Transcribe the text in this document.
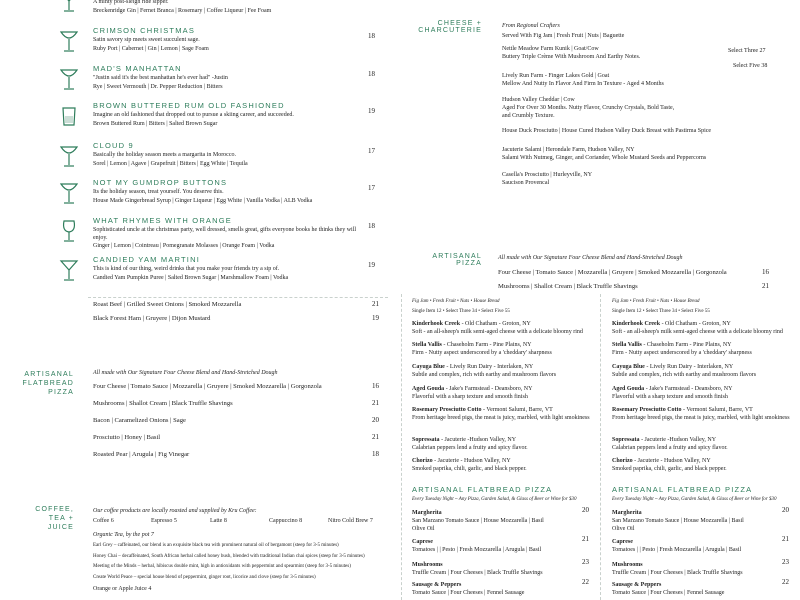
A minty post-sleigh ride sipper.
Breckenridge Gin | Fernet Branca | Rosemary | Coffee Liqueur | Fee Foam
CRIMSON CHRISTMAS
Satin savory sip meets sweet succulent sage.
Ruby Port | Cabernet | Gin | Lemon | Sage Foam
18
MAD'S MANHATTAN
"Justin said it's the best manhattan he's ever had" -Justin
Rye | Sweet Vermouth | Dr. Pepper Reduction | Bitters
18
BROWN BUTTERED RUM OLD FASHIONED
Imagine an old fashioned that dropped out to pursue a skiing career, and succeeded.
Brown Buttered Rum | Bitters | Salted Brown Sugar
19
CLOUD 9
Basically the holiday season meets a margarita in Morocco.
Sorel | Lemon | Agave | Grapefruit | Bitters | Egg White | Tequila
17
NOT MY GUMDROP BUTTONS
Its the holiday season, treat yourself. You deserve this.
House Made Gingerbread Syrup | Ginger Liqueur | Egg White | Vanilla Vodka | ALB Vodka
17
WHAT RHYMES WITH ORANGE
Sophisticated uncle at the christmas party, well dressed, smells great, gifts everyone books he thinks they will enjoy.
Ginger | Lemon | Cointreau | Pomegranate Molasses | Orange Foam | Vodka
18
CANDIED YAM MARTINI
This is kind of our thing, weird drinks that you make your friends try a sip of.
Candied Yam Pumpkin Puree | Salted Brown Sugar | Marshmallow Foam | Vodka
19
CHEESE +
CHARCUTERIE
From Regional Crafters
Served With Fig Jam | Fresh Fruit | Nuts | Baguette
Nettle Meadow Farm Kunik | Goat/Cow
Buttery Triple Crème With Mushroom And Earthy Notes.
Lively Run Farm - Finger Lakes Gold | Goat
Mellow And Nutty In Flavor And Firm In Texture - Aged 4 Months
Hudson Valley Cheddar | Cow
Aged For Over 30 Months. Nutty Flavor, Crunchy Crystals, Bold Taste,
and Crumbly Texture.
House Duck Prosciutto | House Cured Hudson Valley Duck Breast with Pastirma Spice
Jacuterie Salami | Herondale Farm, Hudson Valley, NY
Salami With Nutmeg, Ginger, and Coriander, Whole Mustard Seeds and Peppercorns
Casella's Prosciutto | Hurleyville, NY
Saucison Provencal
Select Three 27
Select Five 38
ARTISANAL
PIZZA
All made with Our Signature Four Cheese Blend and Hand-Stretched Dough
Four Cheese | Tomato Sauce | Mozzarella | Gruyere | Smoked Mozzarella | Gorgonzola	16
Mushrooms | Shallot Cream | Black Truffle Shavings	21
Roast Beef | Grilled Sweet Onions | Smoked Mozzarella	21
Black Forest Ham | Gruyere | Dijon Mustard	19
ARTISANAL
FLATBREAD
PIZZA
All made with Our Signature Four Cheese Blend and Hand-Stretched Dough
Four Cheese | Tomato Sauce | Mozzarella | Gruyere | Smoked Mozzarella | Gorgonzola	16
Mushrooms | Shallot Cream | Black Truffle Shavings	21
Bacon | Caramelized Onions | Sage	20
Prosciutto | Honey | Basil	21
Roasted Pear | Arugula | Fig Vinegar	18
COFFEE,
TEA + JUICE
Our coffee products are locally roasted and supplied by Kru Coffee:
Coffee 6	Espresso 5	Latte 8	Cappuccino 8	Nitro Cold Brew 7
Organic Tea, by the pot 7
Earl Grey – caffeinated, our blend is an exquisite black tea with prominent natural oil of bergamont (steep for 3-5 minutes)
Honey Chai – decaffeinated, South African herbal called honey bush, blended with traditional Indian chai spices (steep for 3-5 minutes)
Meeting of the Minds – herbal, hibiscus double mint, high in antioxidants with peppermint and spearmint (steep for 3-5 minutes)
Create World Peace – special house blend of peppermint, ginger root, licorice and clove (steep for 3-5 minutes)
Orange or Apple Juice 4
Fig Jam • Fresh Fruit • Nuts • House Bread
Single Item 12 • Select Three 34 • Select Five 55
Kinderhook Creek - Old Chatham - Groton, NY
Soft - an all-sheep's milk semi-aged cheese with a delicate bloomy rind
Stella Vallis - Chaseholm Farm - Pine Plains, NY
Firm - Nutty aspect underscored by a 'cheddary' sharpness
Cayuga Blue - Lively Run Dairy - Interlaken, NY
Subtle and complex, rich with earthy and mushroom flavors
Aged Gouda - Jake's Farmstead - Deansboro, NY
Flavorful with a sharp texture and smooth finish
Rosemary Prosciutto Cotto - Vermont Salumi, Barre, VT
From heritage breed pigs, the meat is juicy, marbled, with light smokiness
Sopressata - Jacuterie -Hudson Valley, NY
Calabrian peppers lend a fruity and spicy flavor.
Chorizo - Jacuterie - Hudson Valley, NY
Smoked paprika, chili, garlic, and black pepper.
ARTISANAL FLATBREAD PIZZA
Every Tuesday Night ~ Any Pizza, Garden Salad, & Glass of Beer or Wine for $30
Margherita
San Marzano Tomato Sauce | House Mozzarella | Basil
Olive Oil
20
Caprese
Tomatoes | | Pesto | Fresh Mozzarella | Arugula | Basil
21
Mushrooms
Truffle Cream | Four Cheeses | Black Truffle Shavings
23
Sausage & Peppers
Tomato Sauce | Four Cheeses | Fennel Sausage
22
Fig Jam • Fresh Fruit • Nuts • House Bread
Single Item 12 • Select Three 34 • Select Five 55
Kinderhook Creek - Old Chatham - Groton, NY
Soft - an all-sheep's milk semi-aged cheese with a delicate bloomy rind
Stella Vallis - Chaseholm Farm - Pine Plains, NY
Firm - Nutty aspect underscored by a 'cheddary' sharpness
Cayuga Blue - Lively Run Dairy - Interlaken, NY
Subtle and complex, rich with earthy and mushroom flavors
Aged Gouda - Jake's Farmstead - Deansboro, NY
Flavorful with a sharp texture and smooth finish
Rosemary Prosciutto Cotto - Vermont Salumi, Barre, VT
From heritage breed pigs, the meat is juicy, marbled, with light smokiness
Sopressata - Jacuterie -Hudson Valley, NY
Calabrian peppers lend a fruity and spicy flavor.
Chorizo - Jacuterie - Hudson Valley, NY
Smoked paprika, chili, garlic, and black pepper.
ARTISANAL FLATBREAD PIZZA
Every Tuesday Night ~ Any Pizza, Garden Salad, & Glass of Beer or Wine for $30
Margherita
San Marzano Tomato Sauce | House Mozzarella | Basil
Olive Oil
20
Caprese
Tomatoes | | Pesto | Fresh Mozzarella | Arugula | Basil
21
Mushrooms
Truffle Cream | Four Cheeses | Black Truffle Shavings
23
Sausage & Peppers
Tomato Sauce | Four Cheeses | Fennel Sausage
22
